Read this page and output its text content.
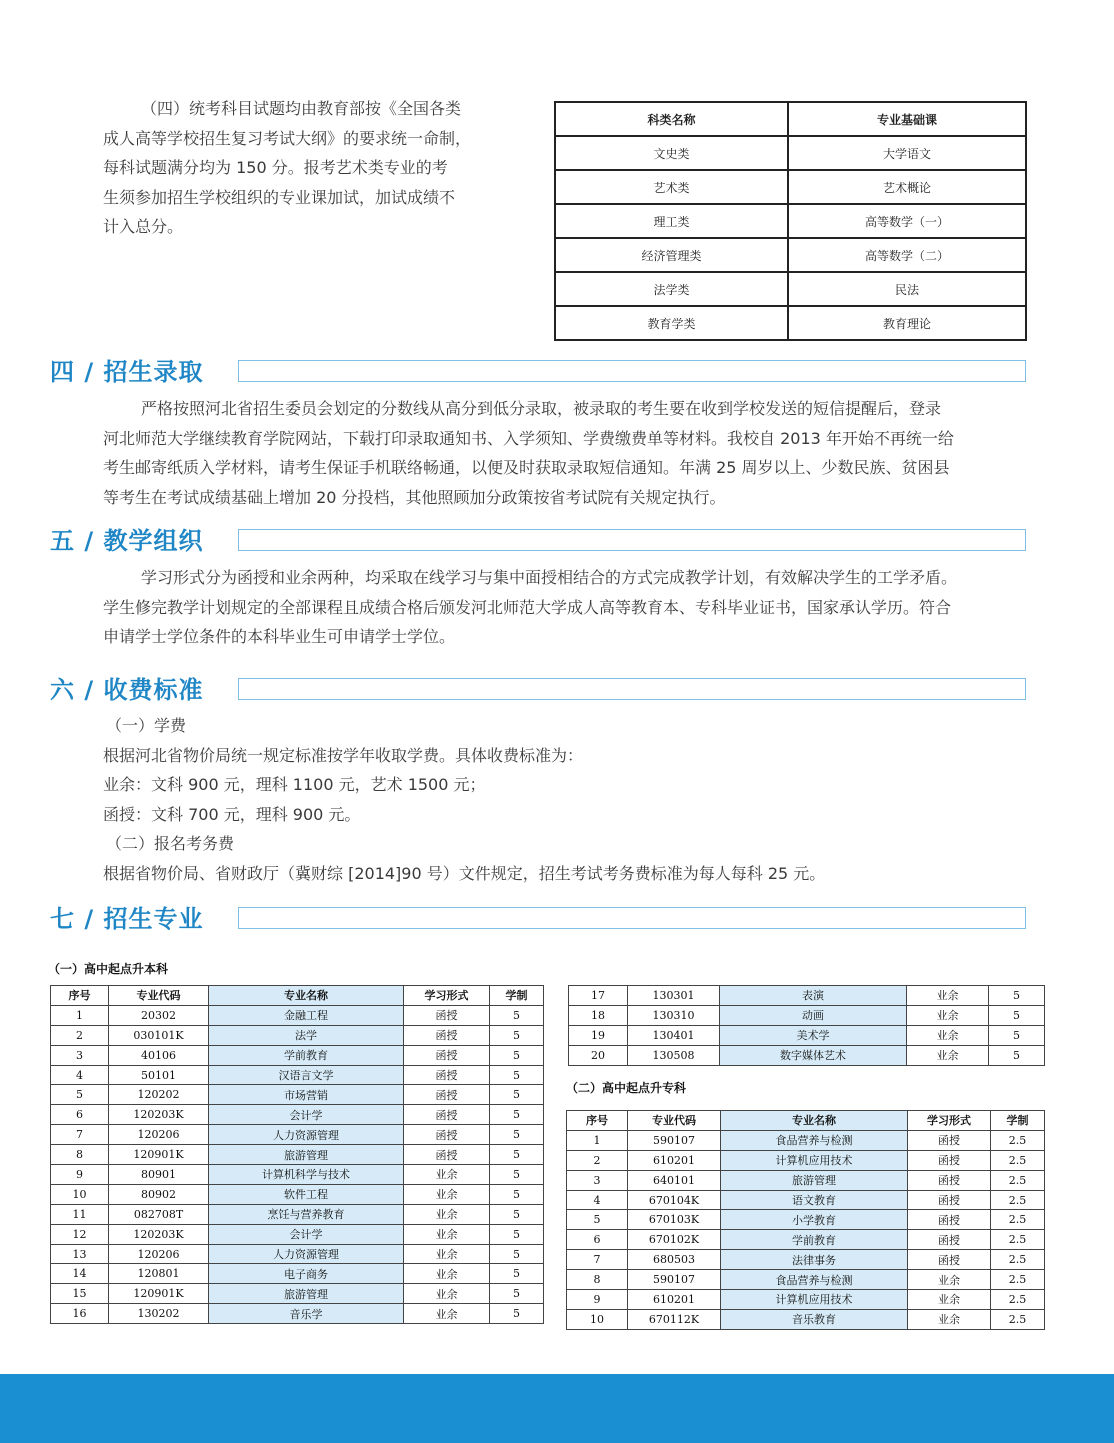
（四）统考科目试题均由教育部按《全国各类

成人高等学校招生复习考试大纲》的要求统一命制，

每科试题满分均为 150 分。报考艺术类专业的考

生须参加招生学校组织的专业课加试，加试成绩不

计入总分。

科类名称	专业基础课
文史类	大学语文
艺术类	艺术概论
理工类	高等数学（一）
经济管理类	高等数学（二）
法学类	民法
教育学类	教育理论
四 / 招生录取

严格按照河北省招生委员会划定的分数线从高分到低分录取，被录取的考生要在收到学校发送的短信提醒后，登录

河北师范大学继续教育学院网站，下载打印录取通知书、入学须知、学费缴费单等材料。我校自 2013 年开始不再统一给

考生邮寄纸质入学材料，请考生保证手机联络畅通，以便及时获取录取短信通知。年满 25 周岁以上、少数民族、贫困县

等考生在考试成绩基础上增加 20 分投档，其他照顾加分政策按省考试院有关规定执行。

五 / 教学组织

学习形式分为函授和业余两种，均采取在线学习与集中面授相结合的方式完成教学计划，有效解决学生的工学矛盾。

学生修完教学计划规定的全部课程且成绩合格后颁发河北师范大学成人高等教育本、专科毕业证书，国家承认学历。符合

申请学士学位条件的本科毕业生可申请学士学位。

六 / 收费标准

（一）学费

根据河北省物价局统一规定标准按学年收取学费。具体收费标准为：

业余：文科 900 元，理科 1100 元，艺术 1500 元；

函授：文科 700 元，理科 900 元。

（二）报名考务费

根据省物价局、省财政厅（冀财综 [2014]90 号）文件规定，招生考试考务费标准为每人每科 25 元。

七 / 招生专业
（一）高中起点升本科
序号	专业代码	专业名称	学习形式	学制
1	20302	金融工程	函授	5
2	030101K	法学	函授	5
3	40106	学前教育	函授	5
4	50101	汉语言文学	函授	5
5	120202	市场营销	函授	5
6	120203K	会计学	函授	5
7	120206	人力资源管理	函授	5
8	120901K	旅游管理	函授	5
9	80901	计算机科学与技术	业余	5
10	80902	软件工程	业余	5
11	082708T	烹饪与营养教育	业余	5
12	120203K	会计学	业余	5
13	120206	人力资源管理	业余	5
14	120801	电子商务	业余	5
15	120901K	旅游管理	业余	5
16	130202	音乐学	业余	5
17	130301	表演	业余	5
18	130310	动画	业余	5
19	130401	美术学	业余	5
20	130508	数字媒体艺术	业余	5
（二）高中起点升专科
序号	专业代码	专业名称	学习形式	学制
1	590107	食品营养与检测	函授	2.5
2	610201	计算机应用技术	函授	2.5
3	640101	旅游管理	函授	2.5
4	670104K	语文教育	函授	2.5
5	670103K	小学教育	函授	2.5
6	670102K	学前教育	函授	2.5
7	680503	法律事务	函授	2.5
8	590107	食品营养与检测	业余	2.5
9	610201	计算机应用技术	业余	2.5
10	670112K	音乐教育	业余	2.5
